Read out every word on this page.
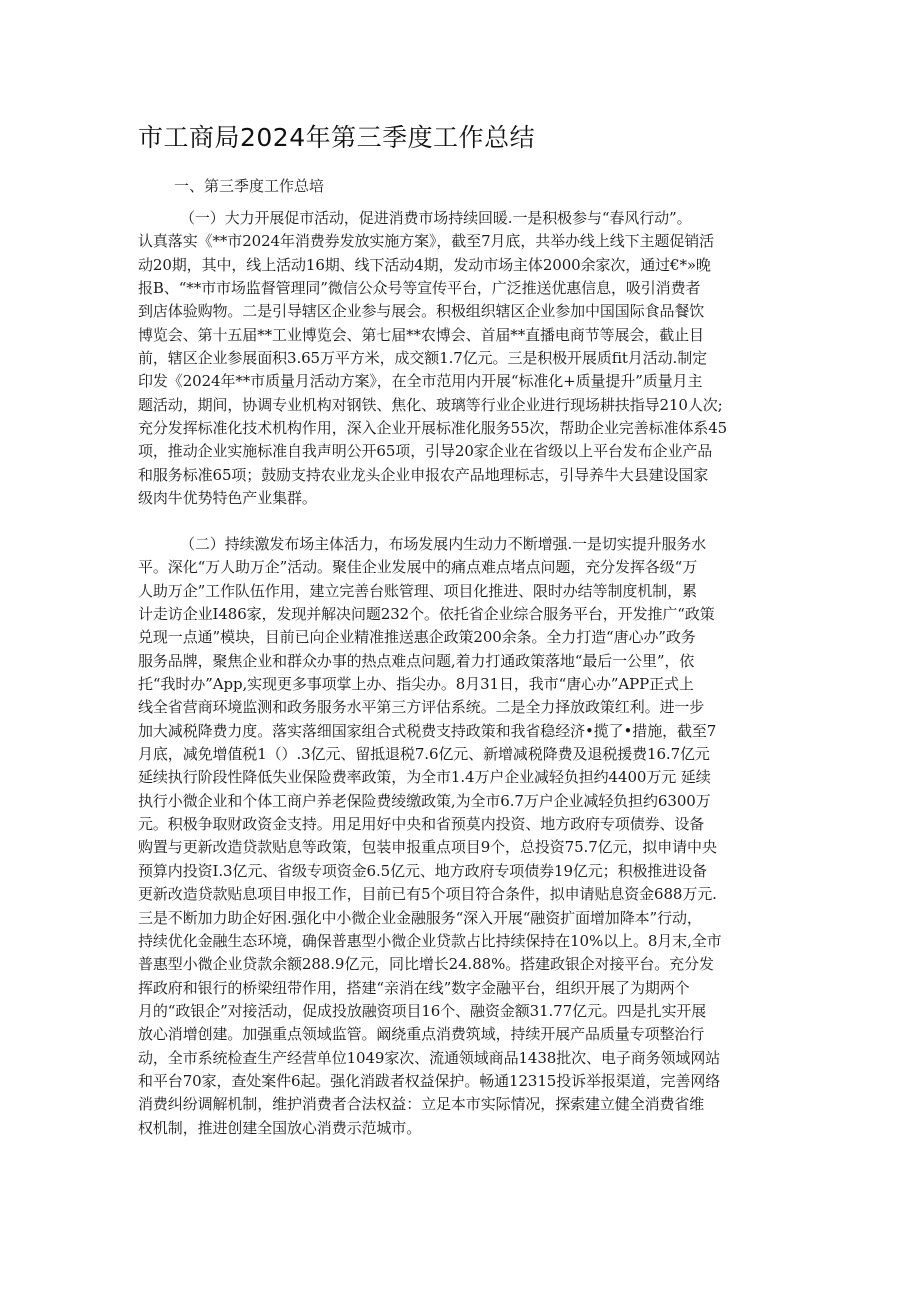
市工商局2024年第三季度工作总结

一、第三季度工作总培

（一）大力开展促市活动，促进消费市场持续回暖.一是积极参与“春风行动”。
认真落实《**市2024年消费券发放实施方案》，截至7月底，共举办线上线下主题促销活
动20期，其中，线上活动16期、线下活动4期，发动市场主体2000余家次，通过€*»晚
报B、“**市市场监督管理同”微信公众号等宣传平台，广泛推送优惠信息，吸引消费者
到店体验购物。二是引导辖区企业参与展会。积极组织辖区企业参加中国国际食品餐饮
博览会、第十五届**工业博览会、第七届**农博会、首届**直播电商节等展会，截止目
前，辖区企业参展面积3.65万平方米，成交额1.7亿元。三是积极开展质fit月活动.制定
印发《2024年**市质量月活动方案》，在全市范用内开展“标准化+质量提升”质量月主
题活动，期间，协调专业机构对钢铁、焦化、玻璃等行业企业进行现场耕扶指导210人次;
充分发挥标准化技术机构作用，深入企业开展标准化服务55次，帮助企业完善标准体系45
项，推动企业实施标准自我声明公开65项，引导20家企业在省级以上平台发布企业产品
和服务标准65项；鼓励支持农业龙头企业申报农产品地理标志，引导养牛大县建设国家
级肉牛优势特色产业集群。
（二）持续激发布场主体活力，布场发展内生动力不断增强.一是切实提升服务水
平。深化“万人助万企”活动。聚佳企业发展中的痛点难点堵点问题，充分发挥各级“万
人助万企”工作队伍作用，建立完善台账管理、项目化推进、限时办结等制度机制，累
计走访企业I486家，发现并解决问题232个。依托省企业综合服务平台，开发推广“政策
兑现一点通”模块，目前已向企业精准推送惠企政策200余条。全力打造“唐心办”政务
服务品牌，聚焦企业和群众办事的热点难点问题,着力打通政策落地“最后一公里”，依
托“我时办”App,实现更多事项掌上办、指尖办。8月31日，我市“唐心办”APP正式上
线全省营商环境监测和政务服务水平第三方评估系统。二是全力择放政策红利。进一步
加大减税降费力度。落实落细国家组合式税费支持政策和我省稳经济•揽了•措施，截至7
月底，减免增值税1（）.3亿元、留抵退税7.6亿元、新增减税降费及退税援费16.7亿元
延续执行阶段性降低失业保险费率政策，为全市1.4万户企业减轻负担约4400万元 延续
执行小微企业和个体工商户养老保险费绫缴政策,为全市6.7万户企业减轻负担约6300万
元。积极争取财政资金支持。用足用好中央和省预莫内投资、地方政府专项债券、设备
购置与更新改造贷款贴息等政策，包装申报重点项目9个，总投资75.7亿元，拟申请中央
预算内投资I.3亿元、省级专项资金6.5亿元、地方政府专项债券19亿元；积极推进设备
更新改造贷款贴息项目申报工作，目前已有5个项目符合条件，拟申请贴息资金688万元.
三是不断加力助企好困.强化中小微企业金融服务“深入开展“融资扩面增加降本”行动，
持续优化金融生态环境，确保普惠型小微企业贷款占比持续保持在10%以上。8月末,全市
普惠型小微企业贷款余额288.9亿元，同比增长24.88%。搭建政银企对接平台。充分发
挥政府和银行的桥梁纽带作用，搭建“亲消在线”数字金融平台，组织开展了为期两个
月的“政银企”对接活动，促成投放融资项目16个、融资金额31.77亿元。四是扎实开展
放心消增创建。加强重点领域监管。阚绕重点消费筑域，持续开展产品质量专项整治行
动，全市系统检查生产经营单位1049家次、流通领域商品1438批次、电子商务领域网站
和平台70家，查处案件6起。强化消跋者权益保护。畅通12315投诉举报渠道，完善网络
消费纠纷调解机制，维护消费者合法权益：立足本市实际情况，探索建立健全消费省维
权机制，推进创建全国放心消费示范城市。
